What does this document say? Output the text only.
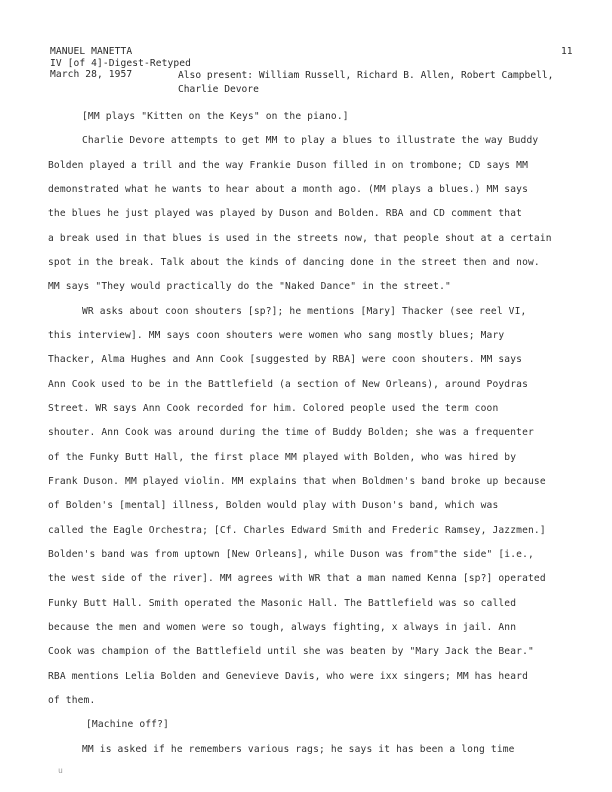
MANUEL MANETTA
IV [of 4]-Digest-Retyped
March 28, 1957
11
Also present: William Russell, Richard B. Allen, Robert Campbell,
Charlie Devore
[MM plays "Kitten on the Keys" on the piano.]
Charlie Devore attempts to get MM to play a blues to illustrate the way Buddy
Bolden played a trill and the way Frankie Duson filled in on trombone; CD says MM
demonstrated what he wants to hear about a month ago. (MM plays a blues.) MM says
the blues he just played was played by Duson and Bolden. RBA and CD comment that
a break used in that blues is used in the streets now, that people shout at a certain
spot in the break. Talk about the kinds of dancing done in the street then and now.
MM says "They would practically do the "Naked Dance" in the street."
WR asks about coon shouters [sp?]; he mentions [Mary] Thacker (see reel VI,
this interview]. MM says coon shouters were women who sang mostly blues; Mary
Thacker, Alma Hughes and Ann Cook [suggested by RBA] were coon shouters. MM says
Ann Cook used to be in the Battlefield (a section of New Orleans), around Poydras
Street. WR says Ann Cook recorded for him. Colored people used the term coon
shouter. Ann Cook was around during the time of Buddy Bolden; she was a frequenter
of the Funky Butt Hall, the first place MM played with Bolden, who was hired by
Frank Duson. MM played violin. MM explains that when Boldmen's band broke up because
of Bolden's [mental] illness, Bolden would play with Duson's band, which was
called the Eagle Orchestra; [Cf. Charles Edward Smith and Frederic Ramsey, Jazzmen.]
Bolden's band was from uptown [New Orleans], while Duson was from"the side" [i.e.,
the west side of the river]. MM agrees with WR that a man named Kenna [sp?] operated
Funky Butt Hall. Smith operated the Masonic Hall. The Battlefield was so called
because the men and women were so tough, always fighting, x always in jail. Ann
Cook was champion of the Battlefield until she was beaten by "Mary Jack the Bear."
RBA mentions Lelia Bolden and Genevieve Davis, who were ixx singers; MM has heard
of them.
[Machine off?]
MM is asked if he remembers various rags; he says it has been a long time
u
